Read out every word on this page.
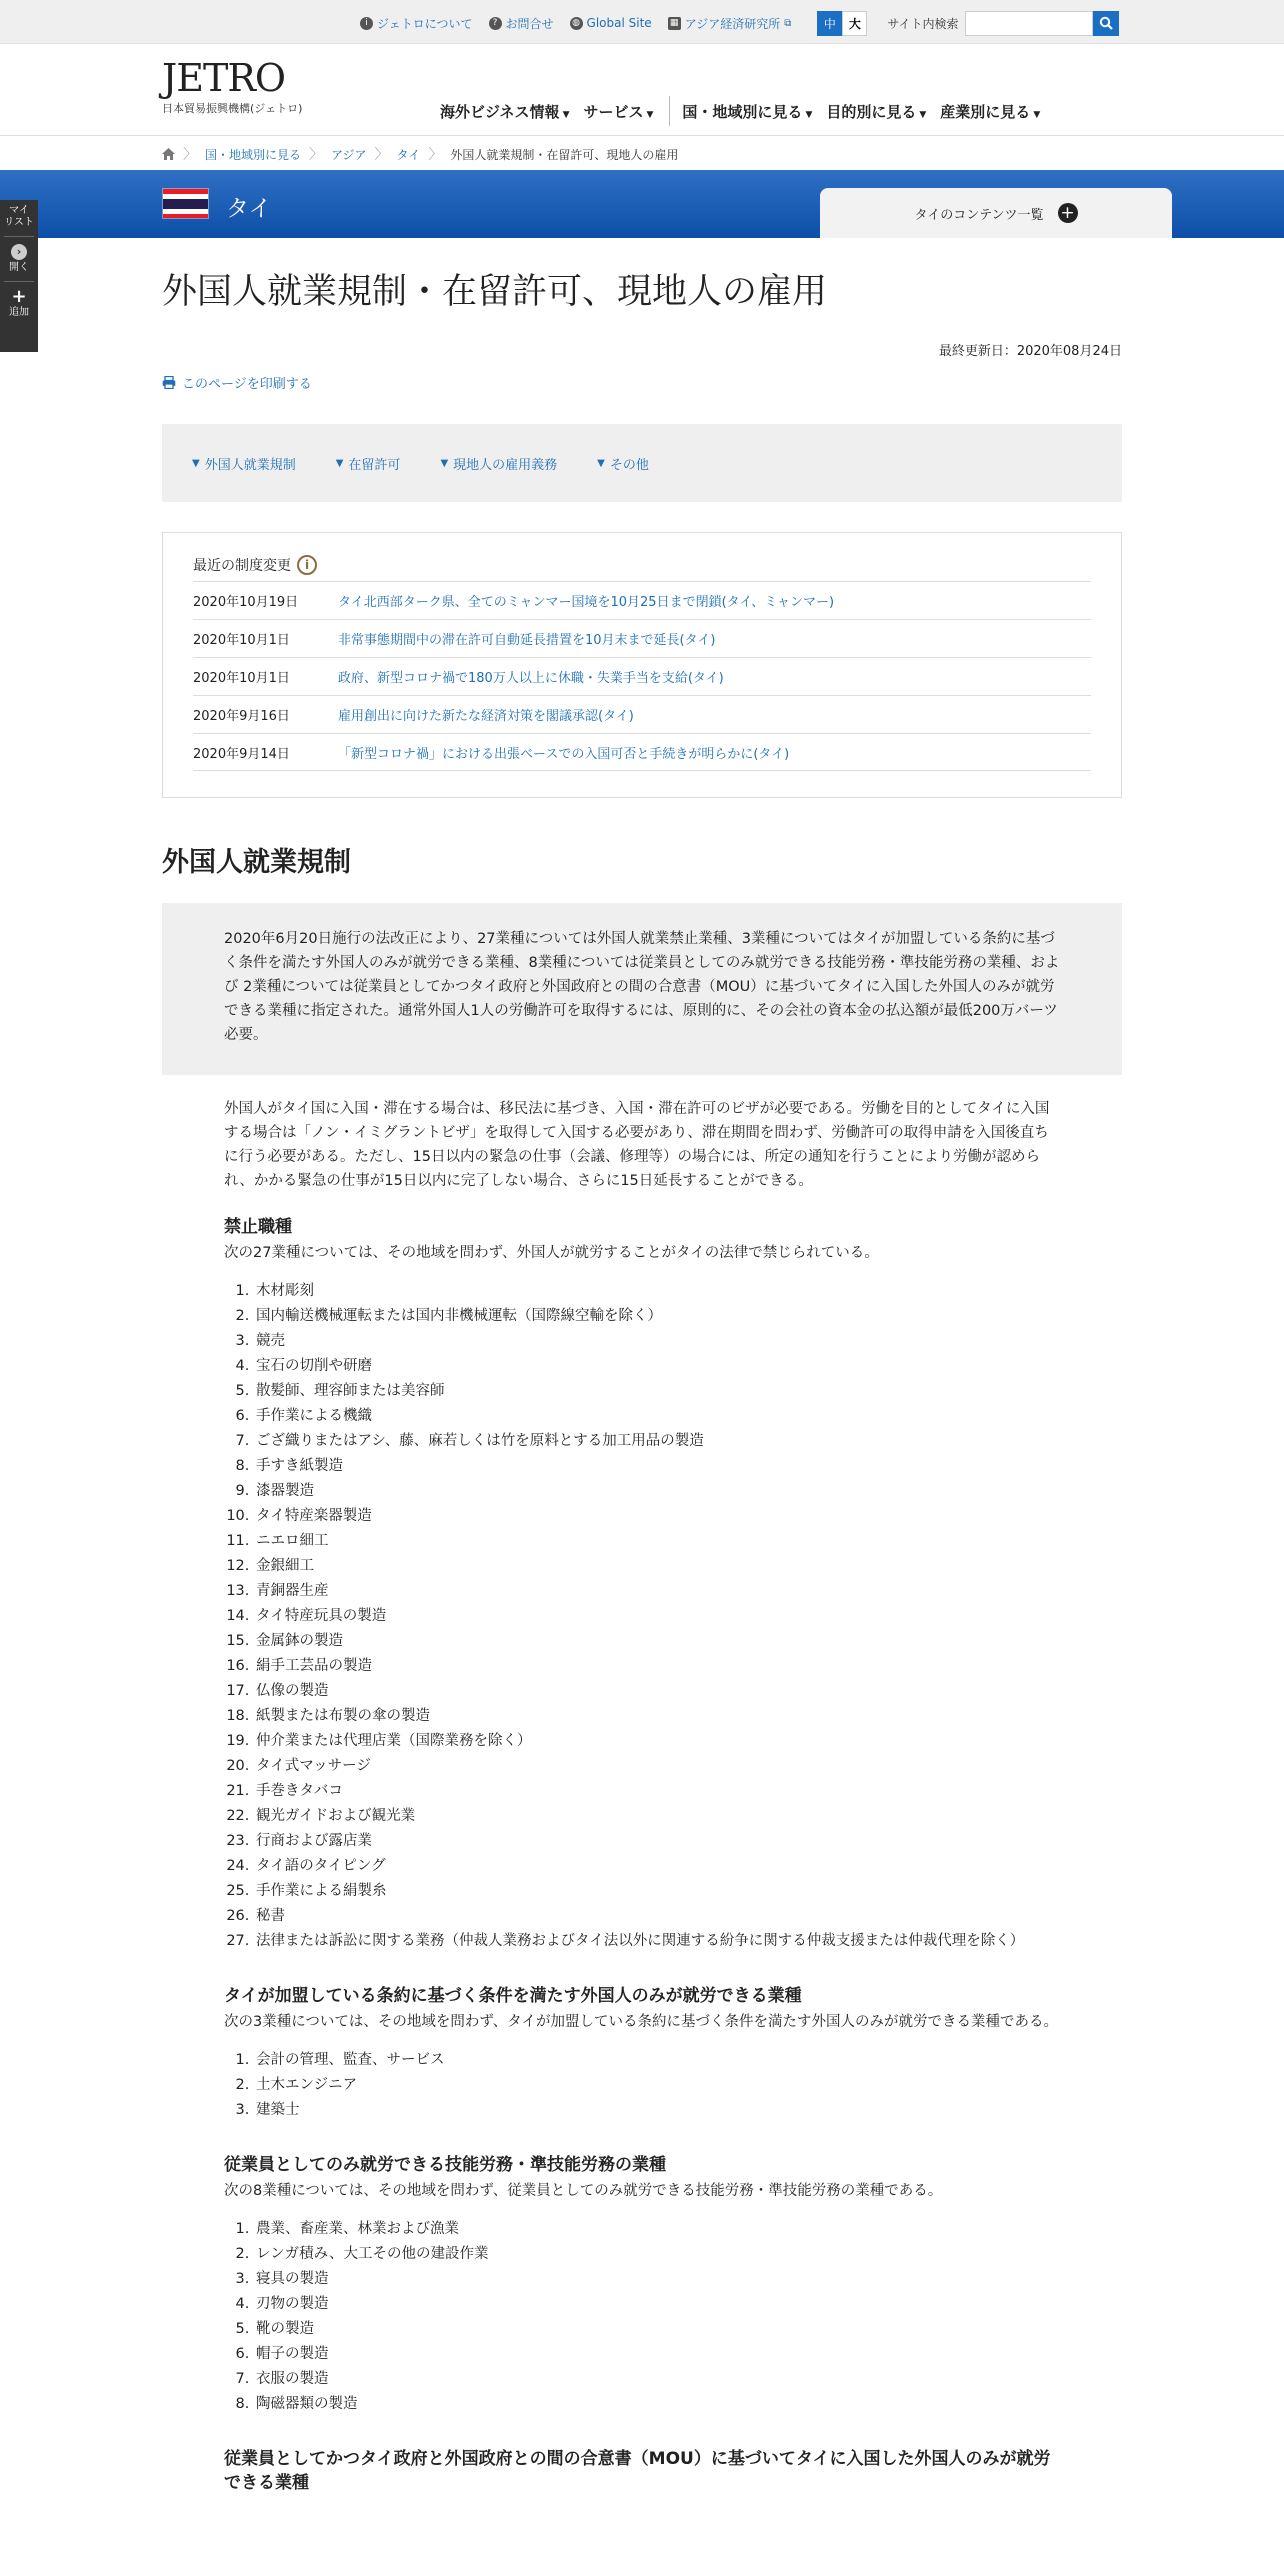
i ジェトロについて	? お問合せ ◍ Global Site ▦ アジア経済研究所 ⧉	中	大	サイト内検索
JETRO
日本貿易振興機構(ジェトロ)	海外ビジネス情報 ▼ サービス ▼ 国・地域別に見る ▼ 目的別に見る ▼ 産業別に見る ▼
〉 国・地域別に見る 〉 アジア 〉 タイ 〉 外国人就業規制・在留許可、現地人の雇用
タイ	タイのコンテンツ一覧 +
マイ
リスト
›
開く
+
追加
外国人就業規制・在留許可、現地人の雇用
最終更新日：2020年08月24日
このページを印刷する
▼ 外国人就業規制	▼ 在留許可	▼ 現地人の雇用義務	▼ その他
最近の制度変更	i
2020年10月19日	タイ北西部ターク県、全てのミャンマー国境を10月25日まで閉鎖(タイ、ミャンマー)
2020年10月1日	非常事態期間中の滞在許可自動延長措置を10月末まで延長(タイ)
2020年10月1日	政府、新型コロナ禍で180万人以上に休職・失業手当を支給(タイ)
2020年9月16日	雇用創出に向けた新たな経済対策を閣議承認(タイ)
2020年9月14日	「新型コロナ禍」における出張ベースでの入国可否と手続きが明らかに(タイ)
外国人就業規制
2020年6月20日施行の法改正により、27業種については外国人就業禁止業種、3業種についてはタイが加盟している条約に基づく条件を満たす外国人のみが就労できる業種、8業種については従業員としてのみ就労できる技能労務・準技能労務の業種、および 2業種については従業員としてかつタイ政府と外国政府との間の合意書（MOU）に基づいてタイに入国した外国人のみが就労できる業種に指定された。通常外国人1人の労働許可を取得するには、原則的に、その会社の資本金の払込額が最低200万バーツ必要。

外国人がタイ国に入国・滞在する場合は、移民法に基づき、入国・滞在許可のビザが必要である。労働を目的としてタイに入国する場合は「ノン・イミグラントビザ」を取得して入国する必要があり、滞在期間を問わず、労働許可の取得申請を入国後直ちに行う必要がある。ただし、15日以内の緊急の仕事（会議、修理等）の場合には、所定の通知を行うことにより労働が認められ、かかる緊急の仕事が15日以内に完了しない場合、さらに15日延長することができる。

禁止職種

次の27業種については、その地域を問わず、外国人が就労することがタイの法律で禁じられている。

1. 木材彫刻
2. 国内輸送機械運転または国内非機械運転（国際線空輸を除く）
3. 競売
4. 宝石の切削や研磨
5. 散髪師、理容師または美容師
6. 手作業による機織
7. ござ織りまたはアシ、藤、麻若しくは竹を原料とする加工用品の製造
8. 手すき紙製造
9. 漆器製造
10. タイ特産楽器製造
11. ニエロ細工
12. 金銀細工
13. 青銅器生産
14. タイ特産玩具の製造
15. 金属鉢の製造
16. 絹手工芸品の製造
17. 仏像の製造
18. 紙製または布製の傘の製造
19. 仲介業または代理店業（国際業務を除く）
20. タイ式マッサージ
21. 手巻きタバコ
22. 観光ガイドおよび観光業
23. 行商および露店業
24. タイ語のタイピング
25. 手作業による絹製糸
26. 秘書
27. 法律または訴訟に関する業務（仲裁人業務およびタイ法以外に関連する紛争に関する仲裁支援または仲裁代理を除く）
タイが加盟している条約に基づく条件を満たす外国人のみが就労できる業種

次の3業種については、その地域を問わず、タイが加盟している条約に基づく条件を満たす外国人のみが就労できる業種である。

1. 会計の管理、監査、サービス
2. 土木エンジニア
3. 建築士
従業員としてのみ就労できる技能労務・準技能労務の業種

次の8業種については、その地域を問わず、従業員としてのみ就労できる技能労務・準技能労務の業種である。

1. 農業、畜産業、林業および漁業
2. レンガ積み、大工その他の建設作業
3. 寝具の製造
4. 刃物の製造
5. 靴の製造
6. 帽子の製造
7. 衣服の製造
8. 陶磁器類の製造
従業員としてかつタイ政府と外国政府との間の合意書（MOU）に基づいてタイに入国した外国人のみが就労できる業種
